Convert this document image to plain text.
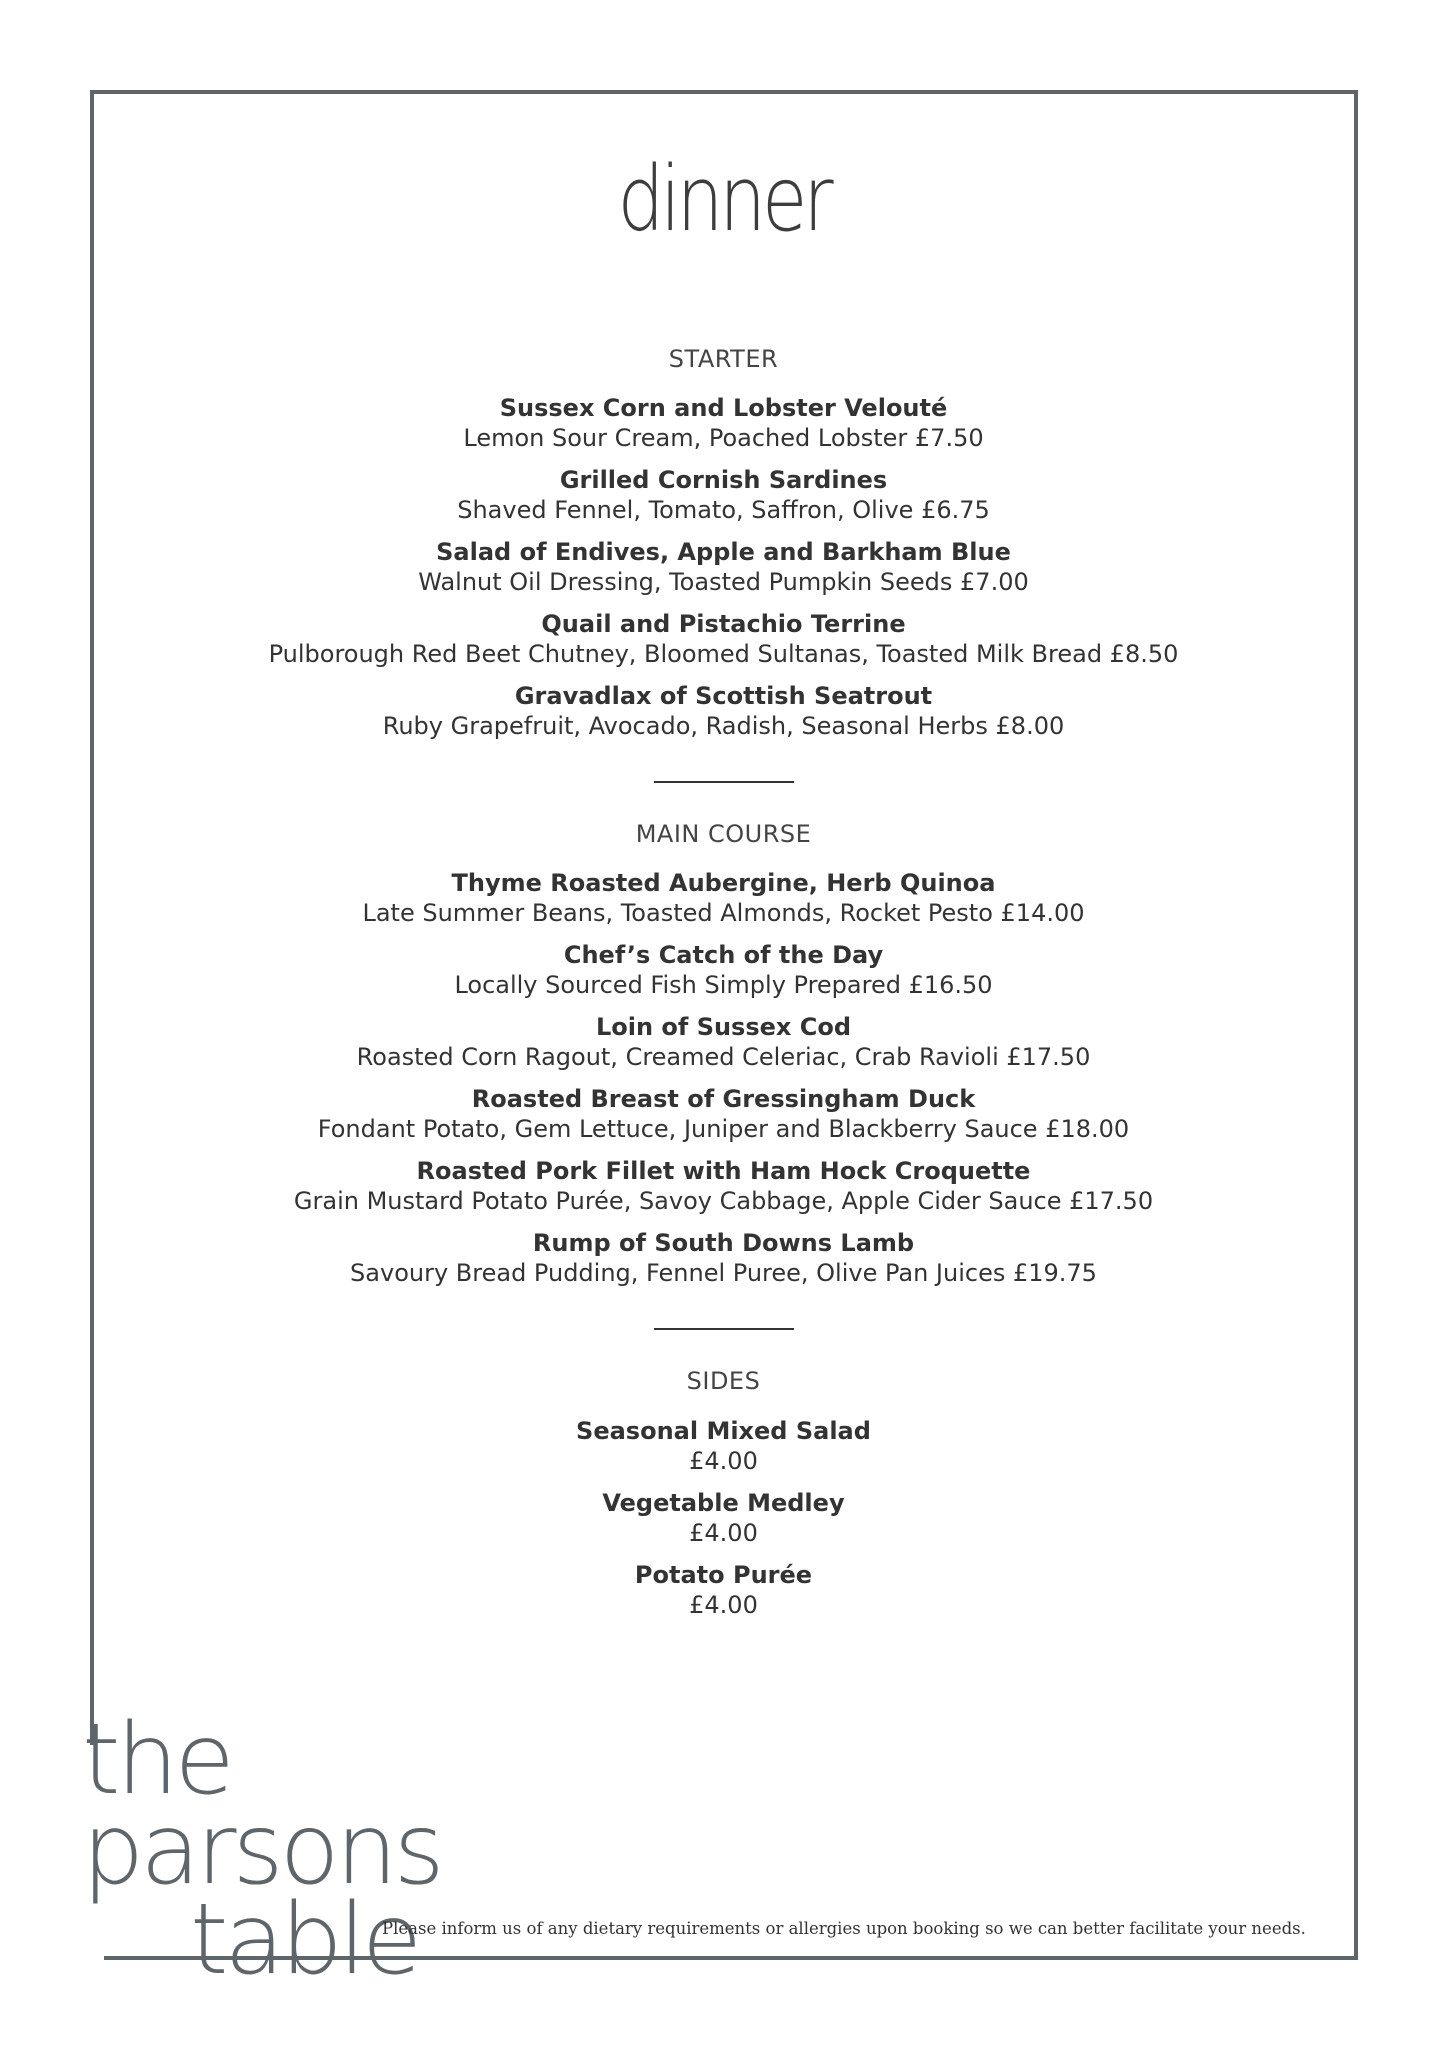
dinner
STARTER
Sussex Corn and Lobster Velouté
Lemon Sour Cream, Poached Lobster £7.50
Grilled Cornish Sardines
Shaved Fennel, Tomato, Saffron, Olive £6.75
Salad of Endives, Apple and Barkham Blue
Walnut Oil Dressing, Toasted Pumpkin Seeds £7.00
Quail and Pistachio Terrine
Pulborough Red Beet Chutney, Bloomed Sultanas, Toasted Milk Bread £8.50
Gravadlax of Scottish Seatrout
Ruby Grapefruit, Avocado, Radish, Seasonal Herbs £8.00
MAIN COURSE
Thyme Roasted Aubergine, Herb Quinoa
Late Summer Beans, Toasted Almonds, Rocket Pesto £14.00
Chef’s Catch of the Day
Locally Sourced Fish Simply Prepared £16.50
Loin of Sussex Cod
Roasted Corn Ragout, Creamed Celeriac, Crab Ravioli £17.50
Roasted Breast of Gressingham Duck
Fondant Potato, Gem Lettuce, Juniper and Blackberry Sauce £18.00
Roasted Pork Fillet with Ham Hock Croquette
Grain Mustard Potato Purée, Savoy Cabbage, Apple Cider Sauce £17.50
Rump of South Downs Lamb
Savoury Bread Pudding, Fennel Puree, Olive Pan Juices £19.75
SIDES
Seasonal Mixed Salad
£4.00
Vegetable Medley
£4.00
Potato Purée
£4.00
the
parsons
table
Please inform us of any dietary requirements or allergies upon booking so we can better facilitate your needs.
